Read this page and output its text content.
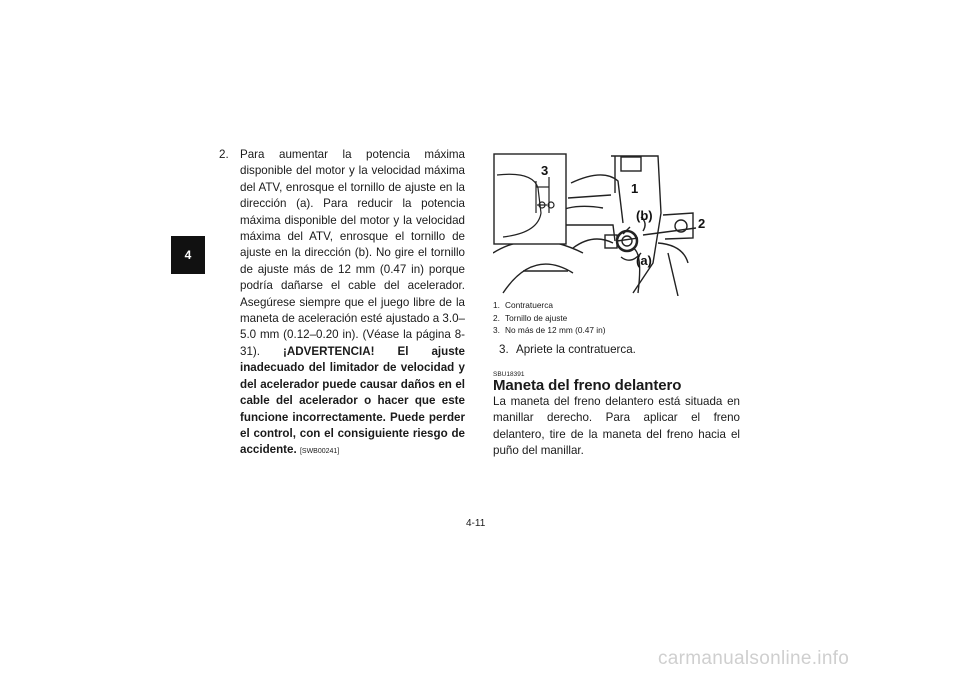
4
2. Para aumentar la potencia máxima disponible del motor y la velocidad máxima del ATV, enrosque el tornillo de ajuste en la dirección (a). Para reducir la potencia máxima disponible del motor y la velocidad máxima del ATV, enrosque el tornillo de ajuste en la dirección (b). No gire el tornillo de ajuste más de 12 mm (0.47 in) porque podría dañarse el cable del acelerador. Asegúrese siempre que el juego libre de la maneta de aceleración esté ajustado a 3.0–5.0 mm (0.12–0.20 in). (Véase la página 8-31). ¡ADVERTENCIA! El ajuste inadecuado del limitador de velocidad y del acelerador puede causar daños en el cable del acelerador o hacer que este funcione incorrectamente. Puede perder el control, con el consiguiente riesgo de accidente. [SWB00241]
3
1
(b)
2
(a)
1. Contratuerca
2. Tornillo de ajuste
3. No más de 12 mm (0.47 in)
3. Apriete la contratuerca.
SBU18391
Maneta del freno delantero
La maneta del freno delantero está situada en manillar derecho. Para aplicar el freno delantero, tire de la maneta del freno hacia el puño del manillar.
4-11
carmanualsonline.info
